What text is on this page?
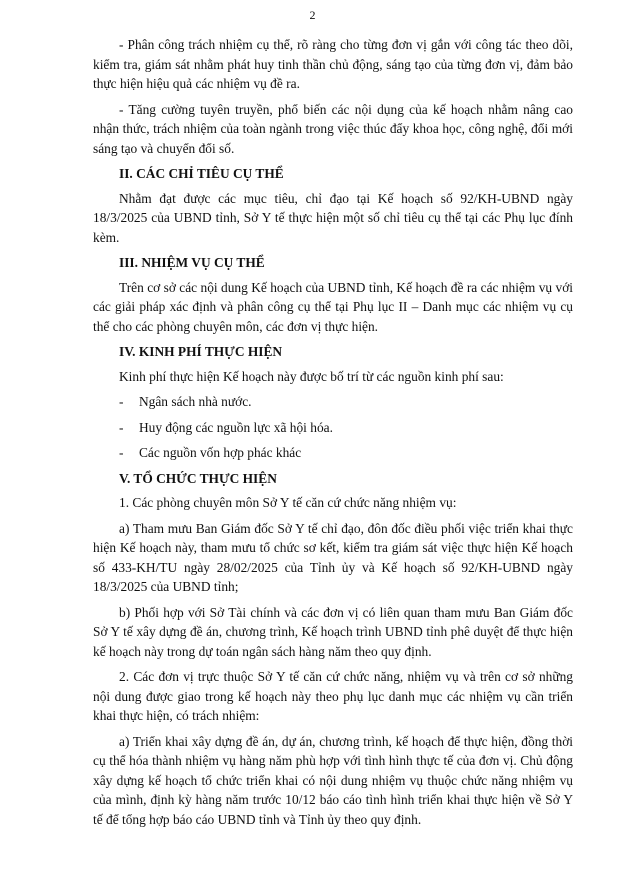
2

- Phân công trách nhiệm cụ thể, rõ ràng cho từng đơn vị gắn với công tác theo dõi, kiểm tra, giám sát nhằm phát huy tinh thần chủ động, sáng tạo của từng đơn vị, đảm bảo thực hiện hiệu quả các nhiệm vụ đề ra.

- Tăng cường tuyên truyền, phổ biến các nội dụng của kế hoạch nhằm nâng cao nhận thức, trách nhiệm của toàn ngành trong việc thúc đẩy khoa học, công nghệ, đổi mới sáng tạo và chuyển đổi số.

II. CÁC CHỈ TIÊU CỤ THỂ

Nhằm đạt được các mục tiêu, chỉ đạo tại Kế hoạch số 92/KH-UBND ngày 18/3/2025 của UBND tỉnh, Sở Y tế thực hiện một số chỉ tiêu cụ thể tại các Phụ lục đính kèm.

III. NHIỆM VỤ CỤ THỂ

Trên cơ sở các nội dung Kế hoạch của UBND tỉnh, Kế hoạch đề ra các nhiệm vụ với các giải pháp xác định và phân công cụ thể tại Phụ lục II – Danh mục các nhiệm vụ cụ thể cho các phòng chuyên môn, các đơn vị thực hiện.

IV. KINH PHÍ THỰC HIỆN

Kinh phí thực hiện Kế hoạch này được bố trí từ các nguồn kinh phí sau:

-	Ngân sách nhà nước.
-	Huy động các nguồn lực xã hội hóa.
-	Các nguồn vốn hợp phác khác
V. TỔ CHỨC THỰC HIỆN

1. Các phòng chuyên môn Sở Y tế căn cứ chức năng nhiệm vụ:

a) Tham mưu Ban Giám đốc Sở Y tế chỉ đạo, đôn đốc điều phối việc triển khai thực hiện Kế hoạch này, tham mưu tổ chức sơ kết, kiểm tra giám sát việc thực hiện Kế hoạch số 433-KH/TU ngày 28/02/2025 của Tỉnh ủy và Kế hoạch số 92/KH-UBND ngày 18/3/2025 của UBND tỉnh;

b) Phối hợp với Sở Tài chính và các đơn vị có liên quan tham mưu Ban Giám đốc Sở Y tế xây dựng đề án, chương trình, Kế hoạch trình UBND tỉnh phê duyệt để thực hiện kế hoạch này trong dự toán ngân sách hàng năm theo quy định.

2. Các đơn vị trực thuộc Sở Y tế căn cứ chức năng, nhiệm vụ và trên cơ sở những nội dung được giao trong kế hoạch này theo phụ lục danh mục các nhiệm vụ cần triển khai thực hiện, có trách nhiệm:

a) Triển khai xây dựng đề án, dự án, chương trình, kế hoạch để thực hiện, đồng thời cụ thể hóa thành nhiệm vụ hàng năm phù hợp với tình hình thực tế của đơn vị. Chủ động xây dựng kế hoạch tổ chức triển khai có nội dung nhiệm vụ thuộc chức năng nhiệm vụ của mình, định kỳ hàng năm trước 10/12 báo cáo tình hình triển khai thực hiện về Sở Y tế để tổng hợp báo cáo UBND tỉnh và Tỉnh ủy theo quy định.
